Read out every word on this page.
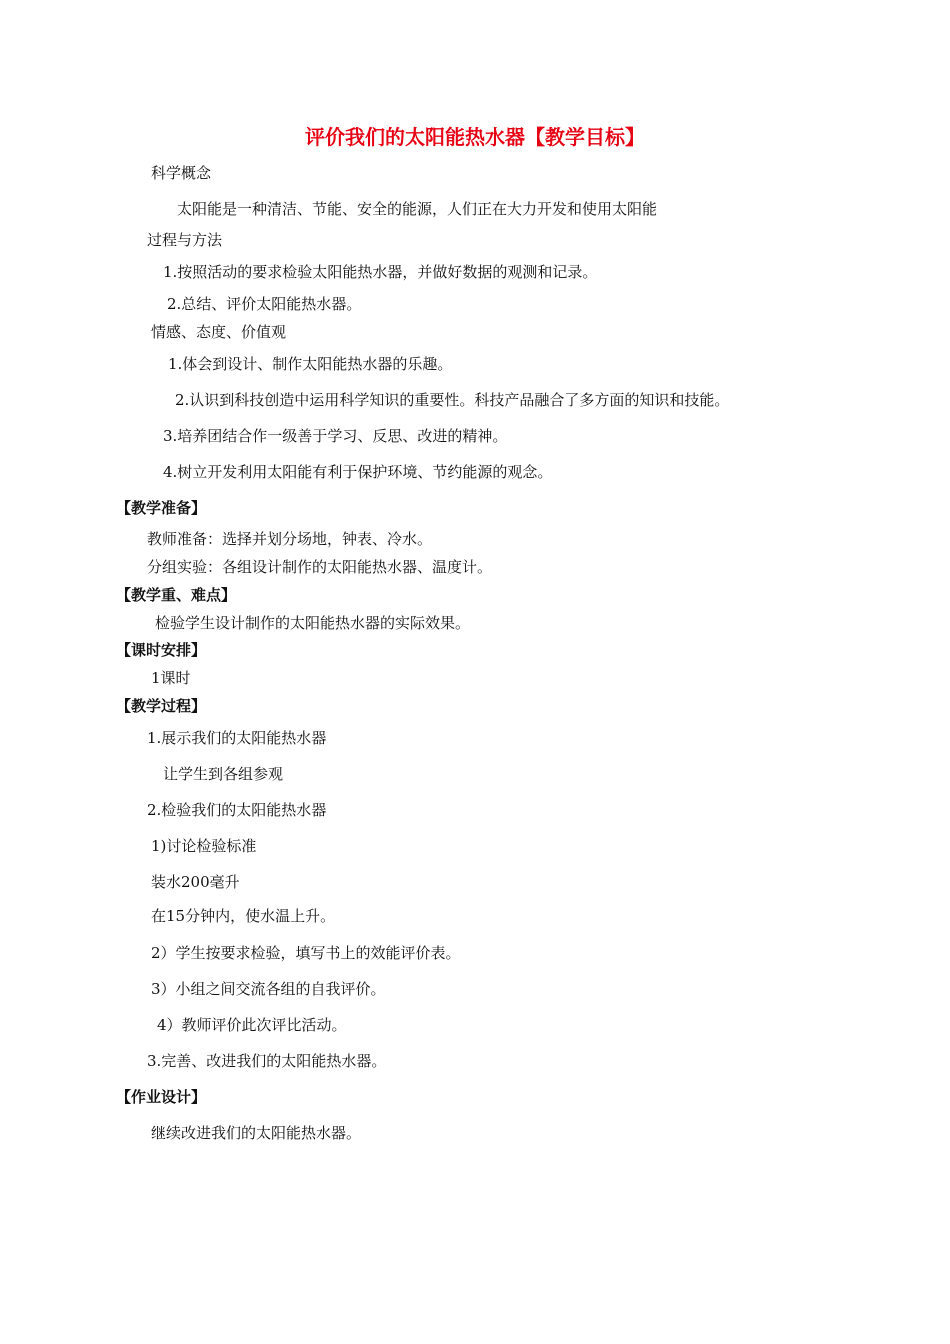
评价我们的太阳能热水器【教学目标】
科学概念
太阳能是一种清洁、节能、安全的能源，人们正在大力开发和使用太阳能
过程与方法
1.按照活动的要求检验太阳能热水器，并做好数据的观测和记录。
2.总结、评价太阳能热水器。
情感、态度、价值观
1.体会到设计、制作太阳能热水器的乐趣。
2.认识到科技创造中运用科学知识的重要性。科技产品融合了多方面的知识和技能。
3.培养团结合作一级善于学习、反思、改进的精神。
4.树立开发利用太阳能有利于保护环境、节约能源的观念。
【教学准备】
教师准备：选择并划分场地，钟表、冷水。
分组实验：各组设计制作的太阳能热水器、温度计。
【教学重、难点】
检验学生设计制作的太阳能热水器的实际效果。
【课时安排】
1课时
【教学过程】
1.展示我们的太阳能热水器
让学生到各组参观
2.检验我们的太阳能热水器
1)讨论检验标准
装水200毫升
在15分钟内，使水温上升。
2）学生按要求检验，填写书上的效能评价表。
3）小组之间交流各组的自我评价。
4）教师评价此次评比活动。
3.完善、改进我们的太阳能热水器。
【作业设计】
继续改进我们的太阳能热水器。
